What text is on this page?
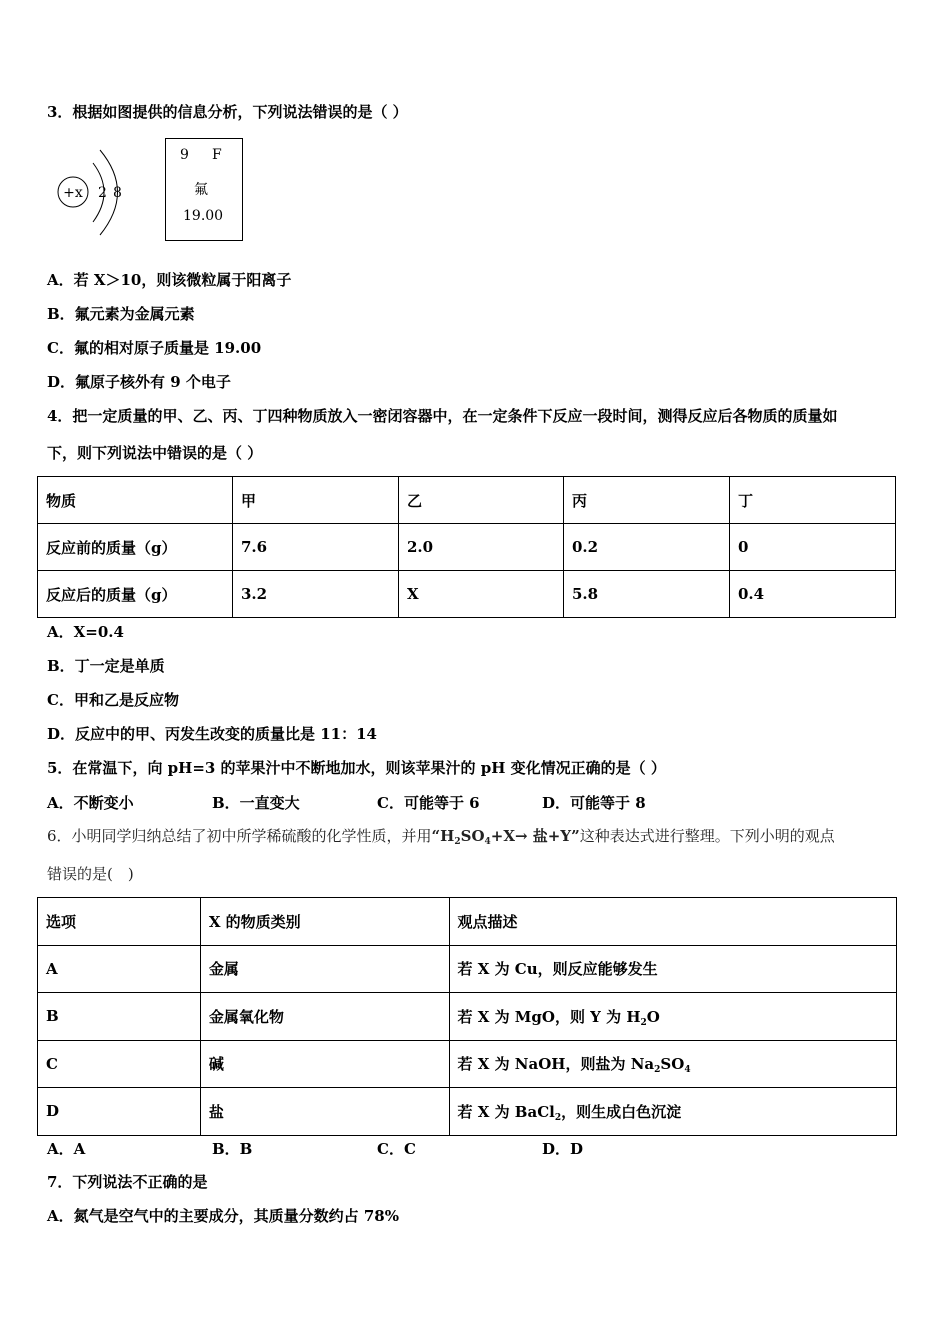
3．根据如图提供的信息分析，下列说法错误的是（ ）
+x 2 8
9 F
氟
19.00
A．若 X＞10，则该微粒属于阳离子
B．氟元素为金属元素
C．氟的相对原子质量是 19.00
D．氟原子核外有 9 个电子
4．把一定质量的甲、乙、丙、丁四种物质放入一密闭容器中，在一定条件下反应一段时间，测得反应后各物质的质量如
下，则下列说法中错误的是（ ）
物质	甲	乙	丙	丁
反应前的质量（g）	7.6	2.0	0.2	0
反应后的质量（g）	3.2	X	5.8	0.4
A．X=0.4
B．丁一定是单质
C．甲和乙是反应物
D．反应中的甲、丙发生改变的质量比是 11：14
5．在常温下，向 pH=3 的苹果汁中不断地加水，则该苹果汁的 pH 变化情况正确的是（ ）
A．不断变小	B．一直变大	C．可能等于 6	D．可能等于 8
6．小明同学归纳总结了初中所学稀硫酸的化学性质，并用“$H_2SO_4+X\to$ 盐+Y”这种表达式进行整理。下列小明的观点
错误的是(　)
选项	X 的物质类别	观点描述
A	金属	若 X 为 Cu，则反应能够发生
B	金属氧化物	若 X 为 MgO，则 Y 为 $H_2O$
C	碱	若 X 为 NaOH，则盐为 $Na_2SO_4$
D	盐	若 X 为 BaCl$_2$，则生成白色沉淀
A．A	B．B	C．C	D．D
7．下列说法不正确的是
A．氮气是空气中的主要成分，其质量分数约占 78%
